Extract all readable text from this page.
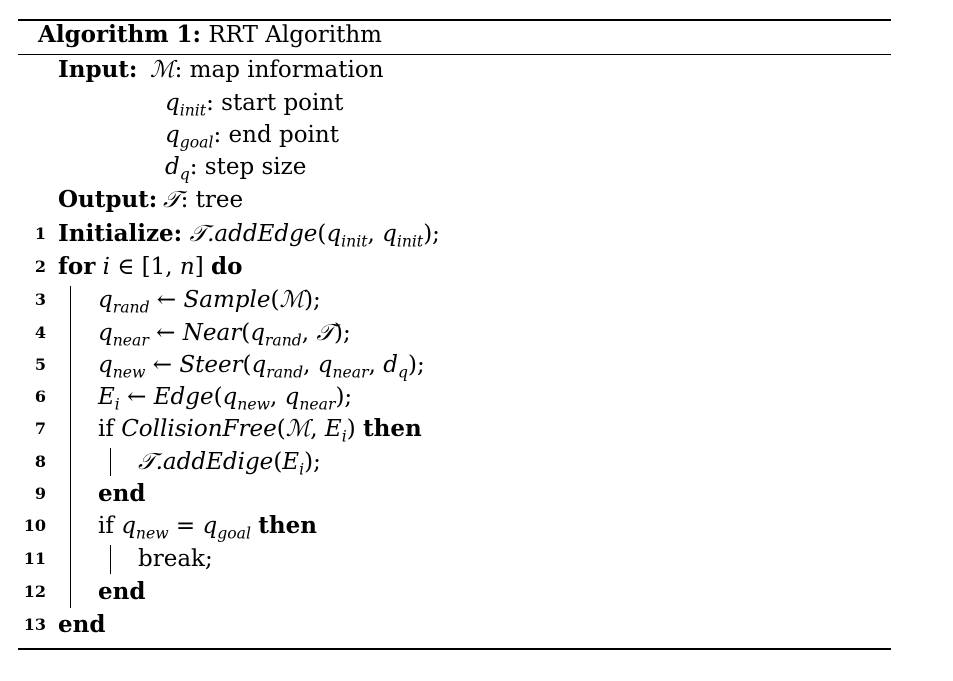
Algorithm 1: RRT Algorithm
Input: ℳ: map information
$q_{init}$: start point
$q_{goal}$: end point
$d_q$: step size
Output: 𝒯: tree
1 Initialize: $𝒯.addEdge(q_{init}$, $q_{init}$);
2 for i ∈ [1, n] do
3 $q_{rand}$ ← Sample(ℳ);
4 $q_{near}$ ← $Near(q_{rand}$, 𝒯);
5 $q_{new}$ ← $Steer(q_{rand}$, $q_{near}$, $d_q$);
6 $E_i$ ← $Edge(q_{new}$, $q_{near}$);
7 if CollisionFree(ℳ, $E_i$) then
8	$𝒯.addEdige(E_i)$;
9 end
10 if $q_{new} = q_{goal}$ then
11	break;
12 end
13 end
